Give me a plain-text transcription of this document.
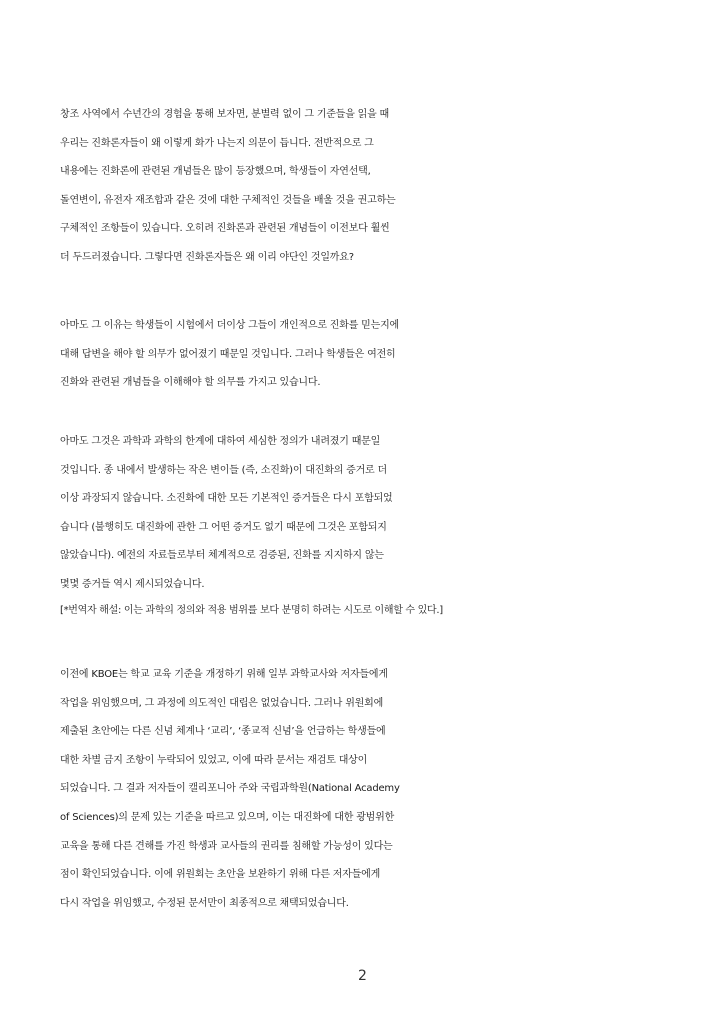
창조 사역에서 수년간의 경험을 통해 보자면, 분별력 없이 그 기준들을 읽을 때
우리는 진화론자들이 왜 이렇게 화가 나는지 의문이 듭니다. 전반적으로 그
내용에는 진화론에 관련된 개념들은 많이 등장했으며, 학생들이 자연선택,
돌연변이, 유전자 재조합과 같은 것에 대한 구체적인 것들을 배울 것을 권고하는
구체적인 조항들이 있습니다. 오히려 진화론과 관련된 개념들이 이전보다 훨씬
더 두드러졌습니다. 그렇다면 진화론자들은 왜 이리 야단인 것일까요?
아마도 그 이유는 학생들이 시험에서 더이상 그들이 개인적으로 진화를 믿는지에
대해 답변을 해야 할 의무가 없어졌기 때문일 것입니다. 그러나 학생들은 여전히
진화와 관련된 개념들을 이해해야 할 의무를 가지고 있습니다.
아마도 그것은 과학과 과학의 한계에 대하여 세심한 정의가 내려졌기 때문일
것입니다. 종 내에서 발생하는 작은 변이들 (즉, 소진화)이 대진화의 증거로 더
이상 과장되지 않습니다. 소진화에 대한 모든 기본적인 증거들은 다시 포함되었
습니다 (불행히도 대진화에 관한 그 어떤 증거도 없기 때문에 그것은 포함되지
않았습니다). 예전의 자료들로부터 체계적으로 검증된, 진화를 지지하지 않는
몇몇 증거들 역시 제시되었습니다.
[*번역자 해설: 이는 과학의 정의와 적용 범위를 보다 분명히 하려는 시도로 이해할 수 있다.]
이전에 KBOE는 학교 교육 기준을 개정하기 위해 일부 과학교사와 저자들에게
작업을 위임했으며, 그 과정에 의도적인 대립은 없었습니다. 그러나 위원회에
제출된 초안에는 다른 신념 체계나 ‘교리’, ‘종교적 신념’을 언급하는 학생들에
대한 차별 금지 조항이 누락되어 있었고, 이에 따라 문서는 재검토 대상이
되었습니다. 그 결과 저자들이 캘리포니아 주와 국립과학원(National Academy
of Sciences)의 문제 있는 기준을 따르고 있으며, 이는 대진화에 대한 광범위한
교육을 통해 다른 견해를 가진 학생과 교사들의 권리를 침해할 가능성이 있다는
점이 확인되었습니다. 이에 위원회는 초안을 보완하기 위해 다른 저자들에게
다시 작업을 위임했고, 수정된 문서만이 최종적으로 채택되었습니다.
2
